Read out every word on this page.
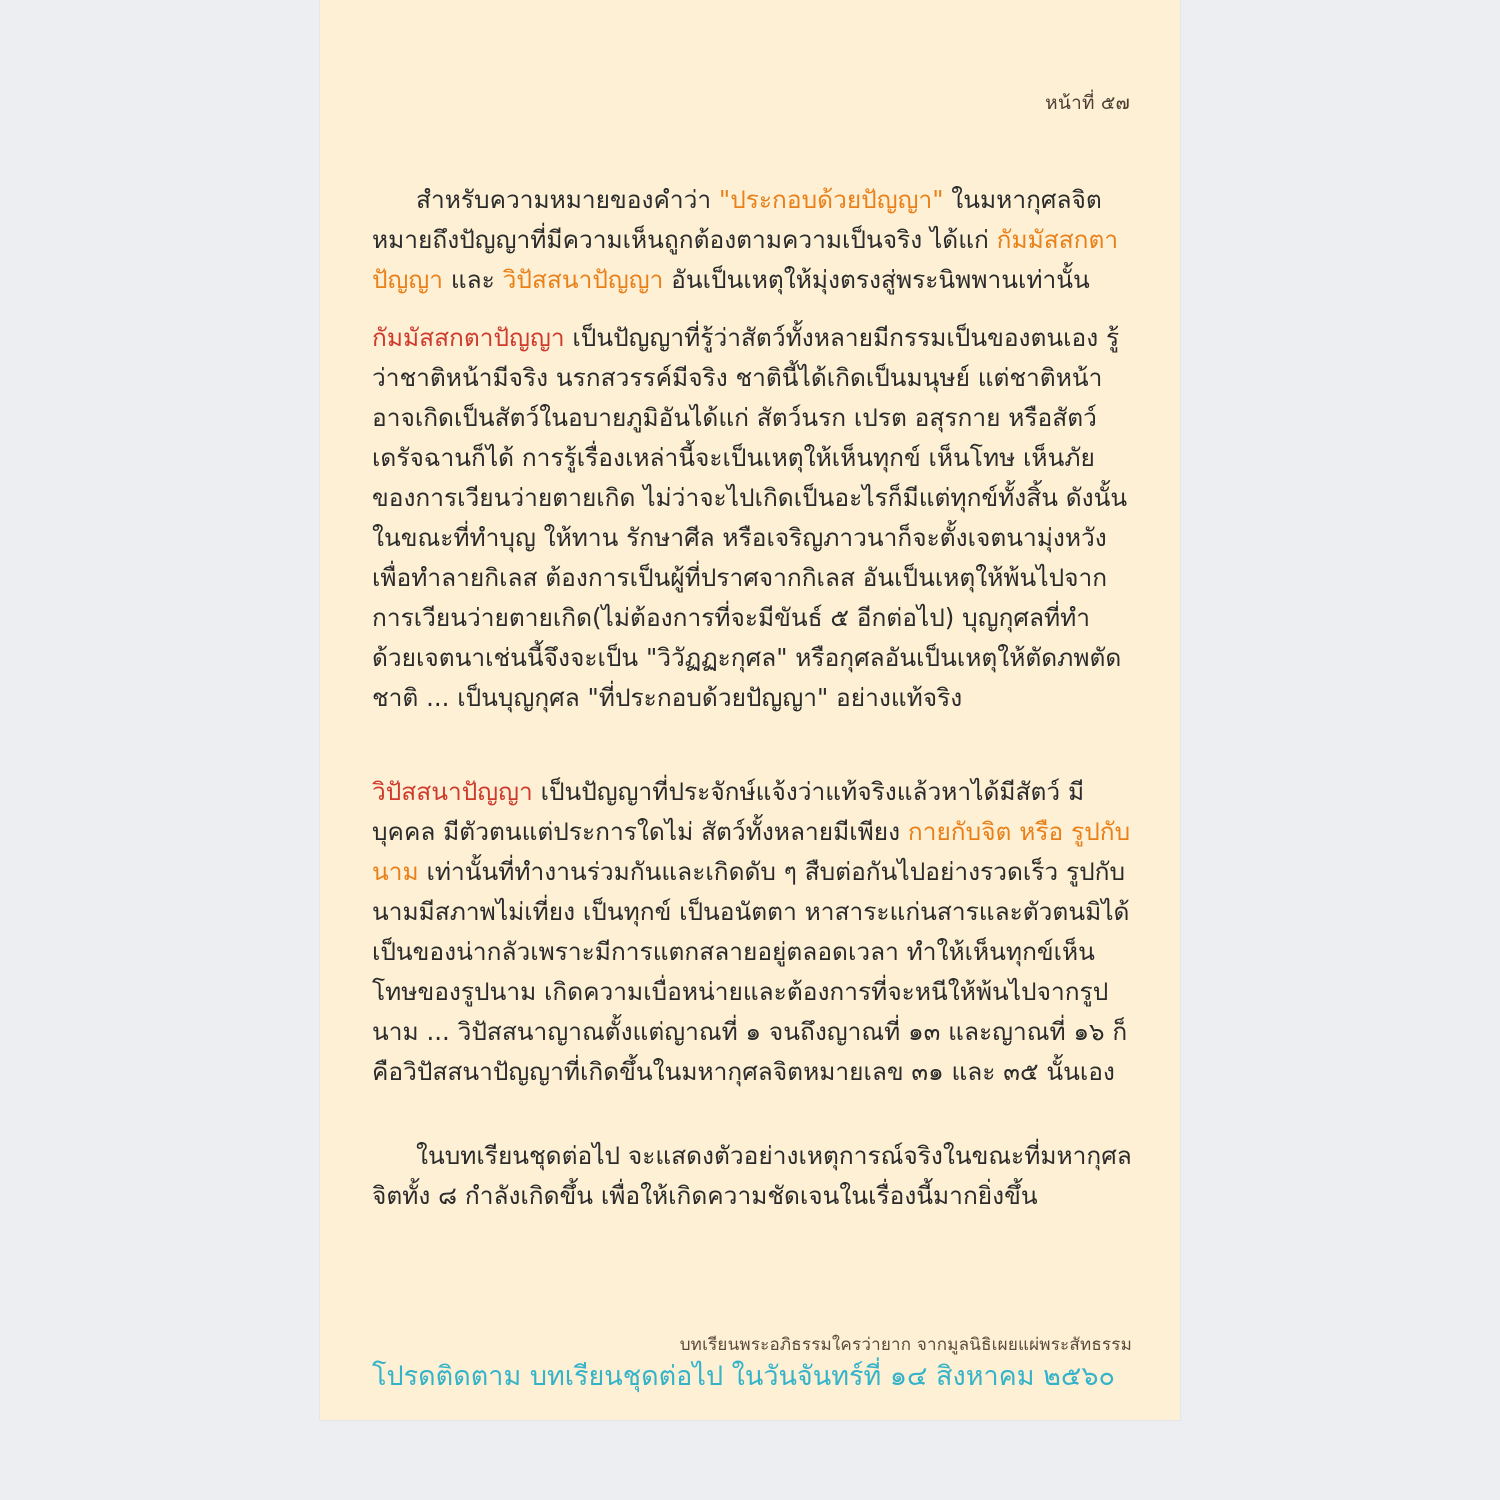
หน้าที่ ๕๗

สำหรับความหมายของคำว่า "ประกอบด้วยปัญญา" ในมหากุศลจิต หมายถึงปัญญาที่มีความเห็นถูกต้องตามความเป็นจริง ได้แก่ กัมมัสสกตาปัญญา และ วิปัสสนาปัญญา อันเป็นเหตุให้มุ่งตรงสู่พระนิพพานเท่านั้น

กัมมัสสกตาปัญญา เป็นปัญญาที่รู้ว่าสัตว์ทั้งหลายมีกรรมเป็นของตนเอง รู้ว่าชาติหน้ามีจริง นรกสวรรค์มีจริง ชาตินี้ได้เกิดเป็นมนุษย์ แต่ชาติหน้าอาจเกิดเป็นสัตว์ในอบายภูมิอันได้แก่ สัตว์นรก เปรต อสุรกาย หรือสัตว์เดรัจฉานก็ได้ การรู้เรื่องเหล่านี้จะเป็นเหตุให้เห็นทุกข์ เห็นโทษ เห็นภัย ของการเวียนว่ายตายเกิด ไม่ว่าจะไปเกิดเป็นอะไรก็มีแต่ทุกข์ทั้งสิ้น ดังนั้นในขณะที่ทำบุญ ให้ทาน รักษาศีล หรือเจริญภาวนาก็จะตั้งเจตนามุ่งหวังเพื่อทำลายกิเลส ต้องการเป็นผู้ที่ปราศจากกิเลส อันเป็นเหตุให้พ้นไปจากการเวียนว่ายตายเกิด(ไม่ต้องการที่จะมีขันธ์ ๕ อีกต่อไป) บุญกุศลที่ทำด้วยเจตนาเช่นนี้จึงจะเป็น "วิวัฏฏะกุศล" หรือกุศลอันเป็นเหตุให้ตัดภพตัดชาติ ... เป็นบุญกุศล "ที่ประกอบด้วยปัญญา" อย่างแท้จริง

วิปัสสนาปัญญา เป็นปัญญาที่ประจักษ์แจ้งว่าแท้จริงแล้วหาได้มีสัตว์ มีบุคคล มีตัวตนแต่ประการใดไม่ สัตว์ทั้งหลายมีเพียง กายกับจิต หรือ รูปกับนาม เท่านั้นที่ทำงานร่วมกันและเกิดดับ ๆ สืบต่อกันไปอย่างรวดเร็ว รูปกับนามมีสภาพไม่เที่ยง เป็นทุกข์ เป็นอนัตตา หาสาระแก่นสารและตัวตนมิได้ เป็นของน่ากลัวเพราะมีการแตกสลายอยู่ตลอดเวลา ทำให้เห็นทุกข์เห็นโทษของรูปนาม เกิดความเบื่อหน่ายและต้องการที่จะหนีให้พ้นไปจากรูปนาม ... วิปัสสนาญาณตั้งแต่ญาณที่ ๑ จนถึงญาณที่ ๑๓ และญาณที่ ๑๖ ก็คือวิปัสสนาปัญญาที่เกิดขึ้นในมหากุศลจิตหมายเลข ๓๑ และ ๓๕ นั้นเอง

ในบทเรียนชุดต่อไป จะแสดงตัวอย่างเหตุการณ์จริงในขณะที่มหากุศลจิตทั้ง ๘ กำลังเกิดขึ้น เพื่อให้เกิดความชัดเจนในเรื่องนี้มากยิ่งขึ้น

โปรดติดตาม บทเรียนชุดต่อไป ในวันจันทร์ที่ ๑๔ สิงหาคม ๒๕๖๐

บทเรียนพระอภิธรรมใครว่ายาก จากมูลนิธิเผยแผ่พระสัทธรรม
